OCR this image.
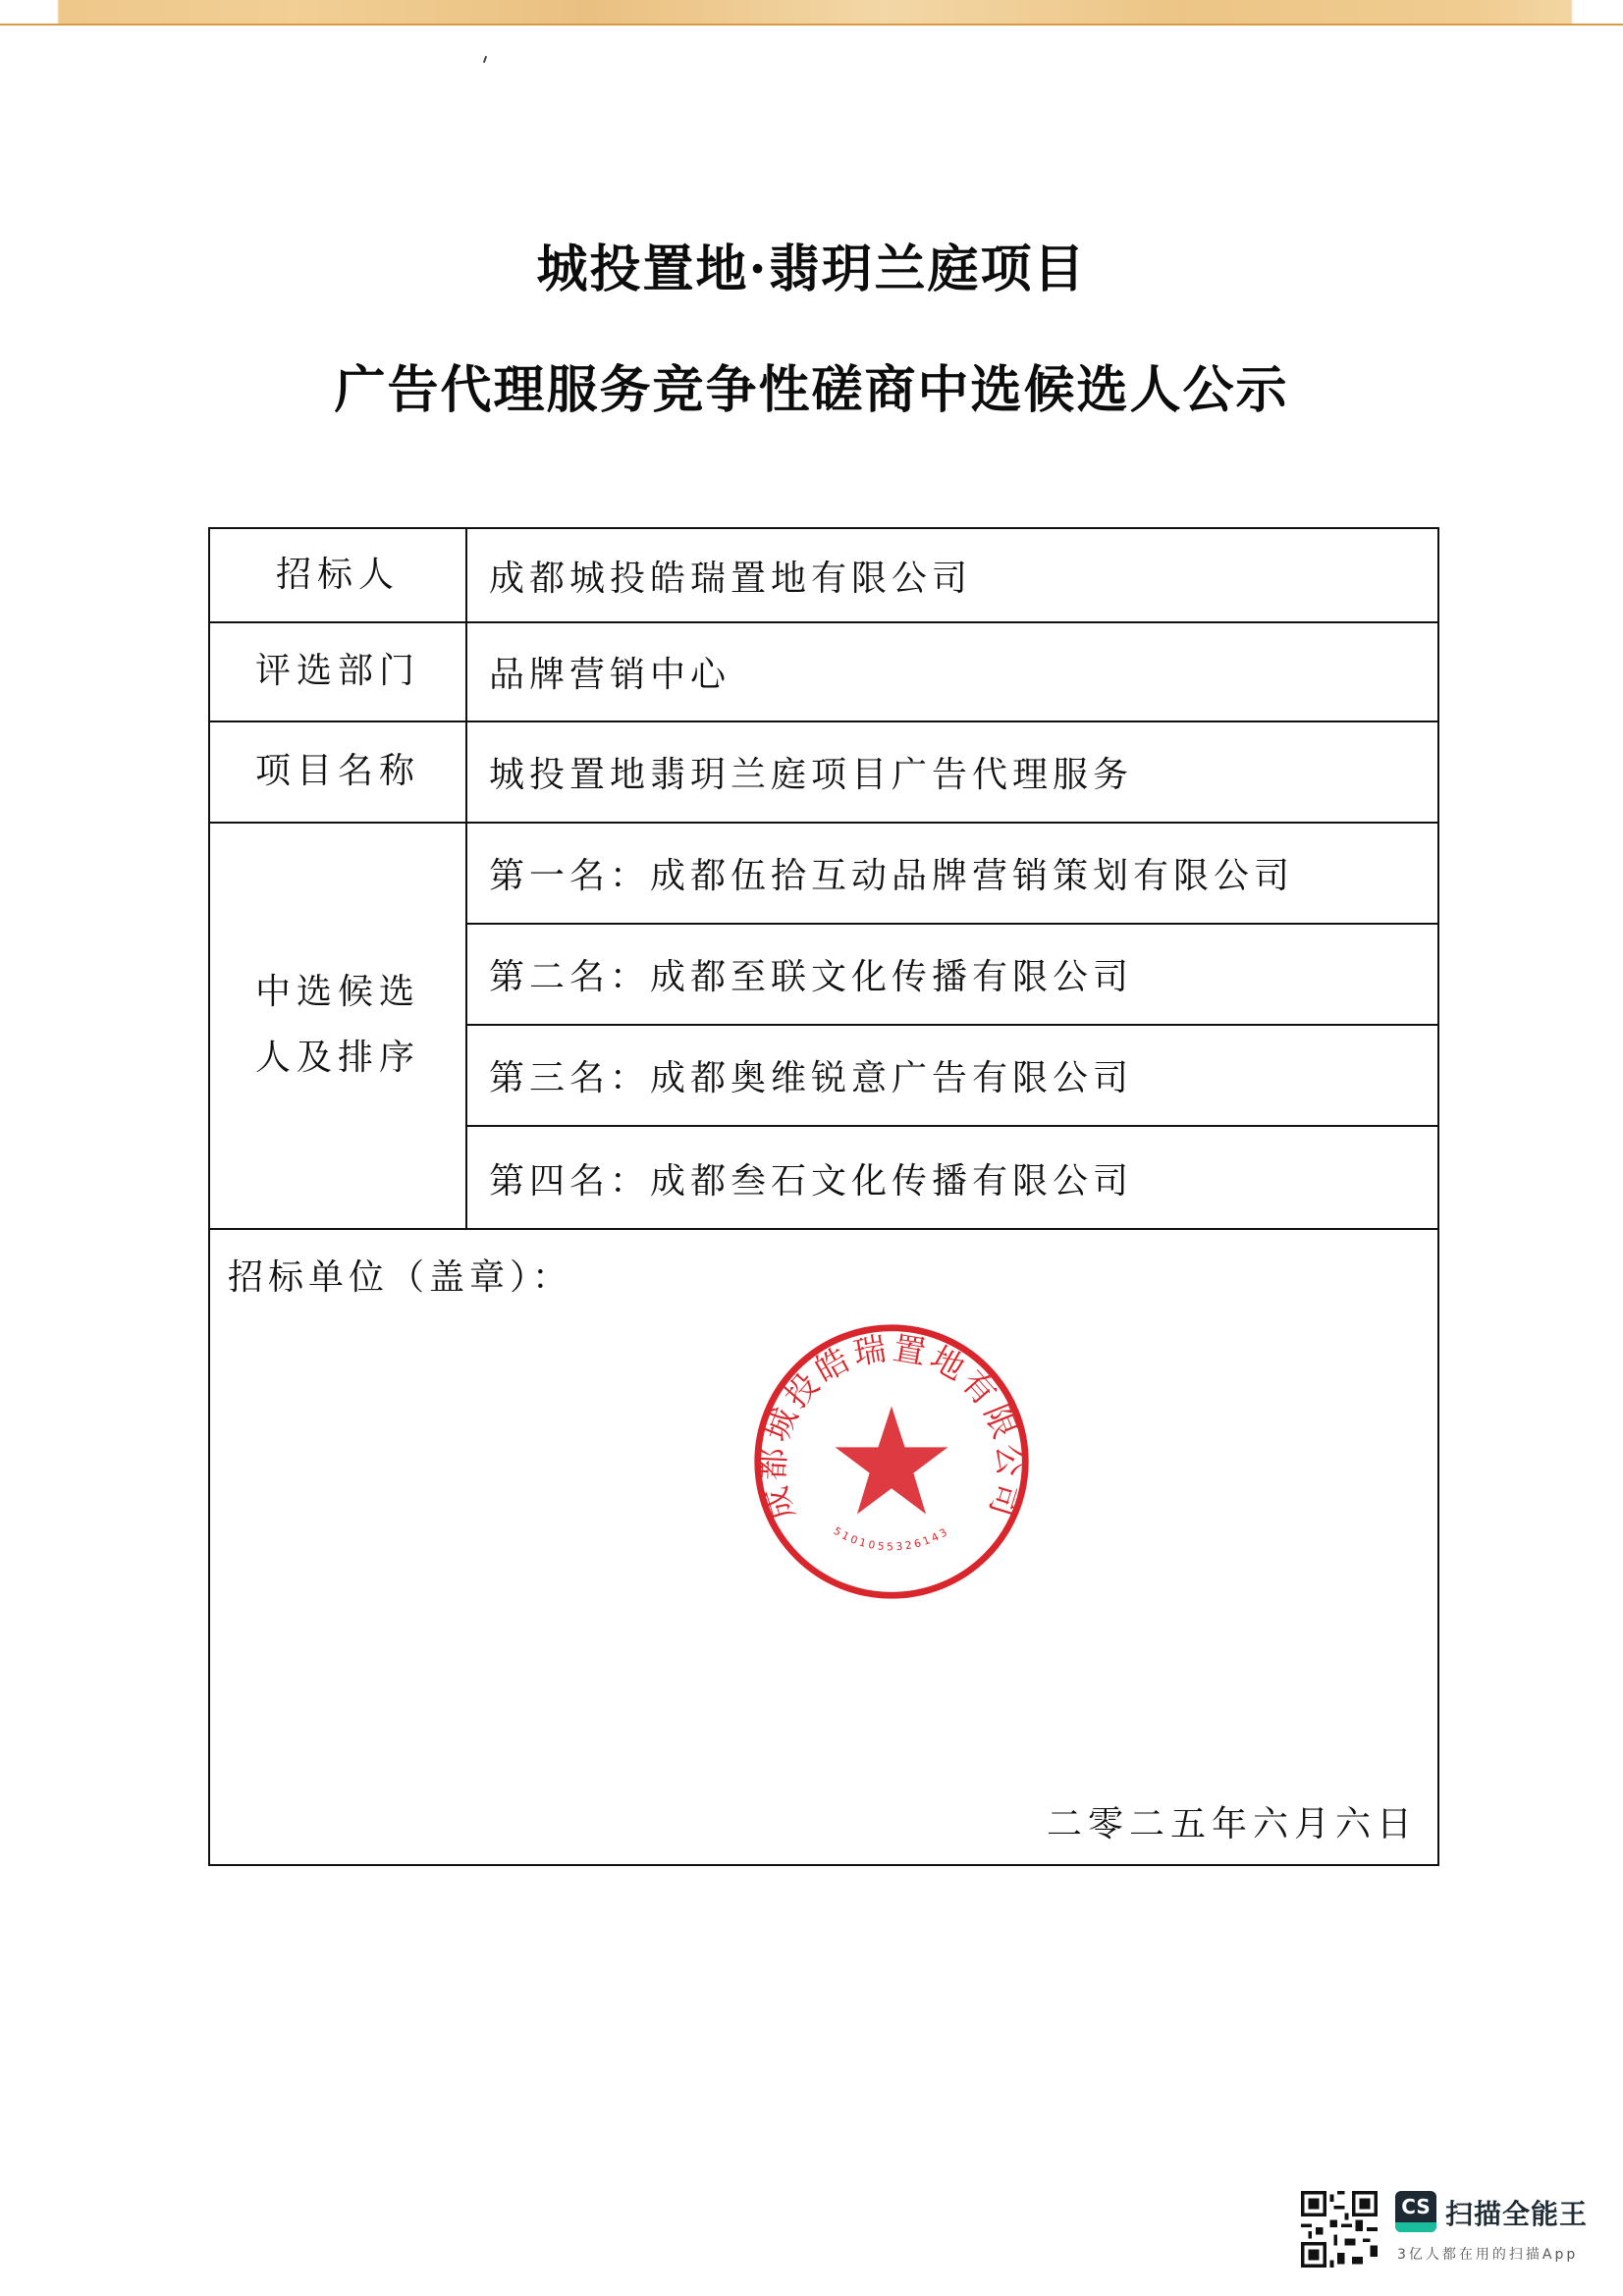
城投置地·翡玥兰庭项目
广告代理服务竞争性磋商中选候选人公示
招标人	成都城投皓瑞置地有限公司
评选部门	品牌营销中心
项目名称	城投置地翡玥兰庭项目广告代理服务
中选候选
人及排序
第一名： 成都伍拾互动品牌营销策划有限公司
第二名： 成都至联文化传播有限公司
第三名： 成都奥维锐意广告有限公司
第四名： 成都叁石文化传播有限公司
招标单位（盖章）：
成都城投皓瑞置地有限公司
5101055326143
二零二五年六月六日
CS 扫描全能王
3亿人都在用的扫描App
